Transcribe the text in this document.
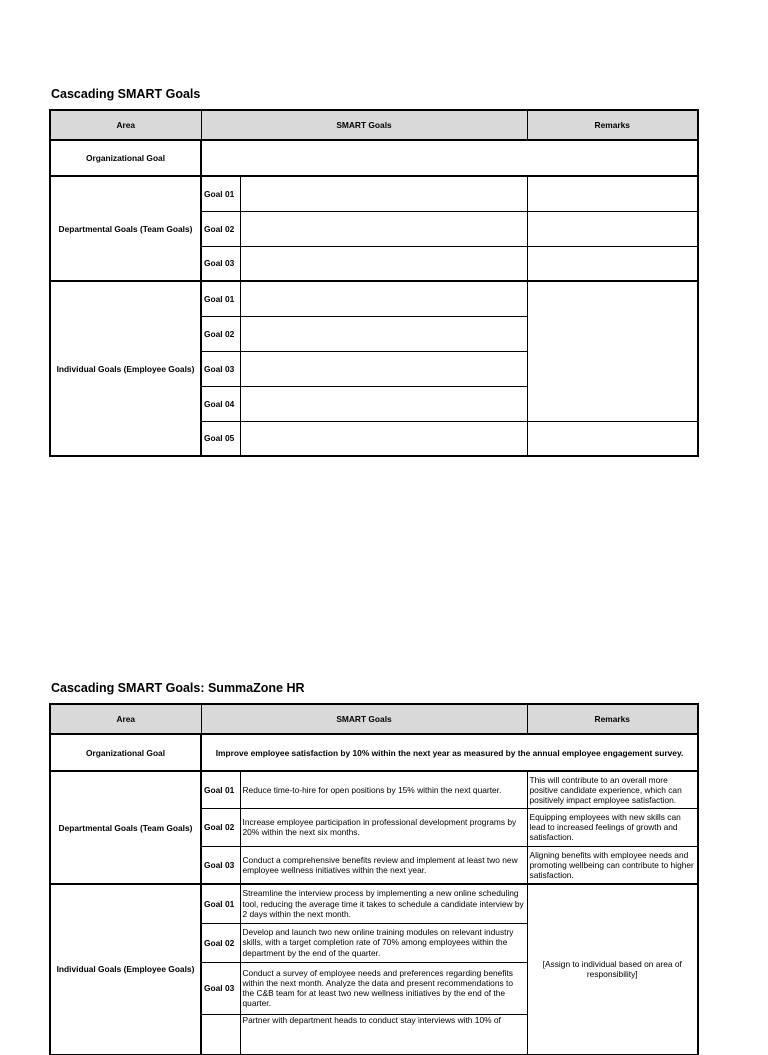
Cascading SMART Goals
Area	SMART Goals		Remarks
Organizational Goal			
Departmental Goals (Team Goals)	Goal 01		
	Goal 02		
	Goal 03		
Individual Goals (Employee Goals)	Goal 01		
	Goal 02		
	Goal 03		
	Goal 04		
	Goal 05		
Cascading SMART Goals: SummaZone HR
Area	SMART Goals		Remarks
Organizational Goal	Improve employee satisfaction by 10% within the next year as measured by the annual employee engagement survey.		
Departmental Goals (Team Goals)	Goal 01	Reduce time-to-hire for open positions by 15% within the next quarter.	This will contribute to an overall more positive candidate experience, which can positively impact employee satisfaction.
	Goal 02	Increase employee participation in professional development programs by 20% within the next six months.	Equipping employees with new skills can lead to increased feelings of growth and satisfaction.
	Goal 03	Conduct a comprehensive benefits review and implement at least two new employee wellness initiatives within the next year.	Aligning benefits with employee needs and promoting wellbeing can contribute to higher satisfaction.
Individual Goals (Employee Goals)	Goal 01	Streamline the interview process by implementing a new online scheduling tool, reducing the average time it takes to schedule a candidate interview by 2 days within the next month.	[Assign to individual based on area of responsibility]
	Goal 02	Develop and launch two new online training modules on relevant industry skills, with a target completion rate of 70% among employees within the department by the end of the quarter.	
	Goal 03	Conduct a survey of employee needs and preferences regarding benefits within the next month. Analyze the data and present recommendations to the C&B team for at least two new wellness initiatives by the end of the quarter.	
		Partner with department heads to conduct stay interviews with 10% of	
